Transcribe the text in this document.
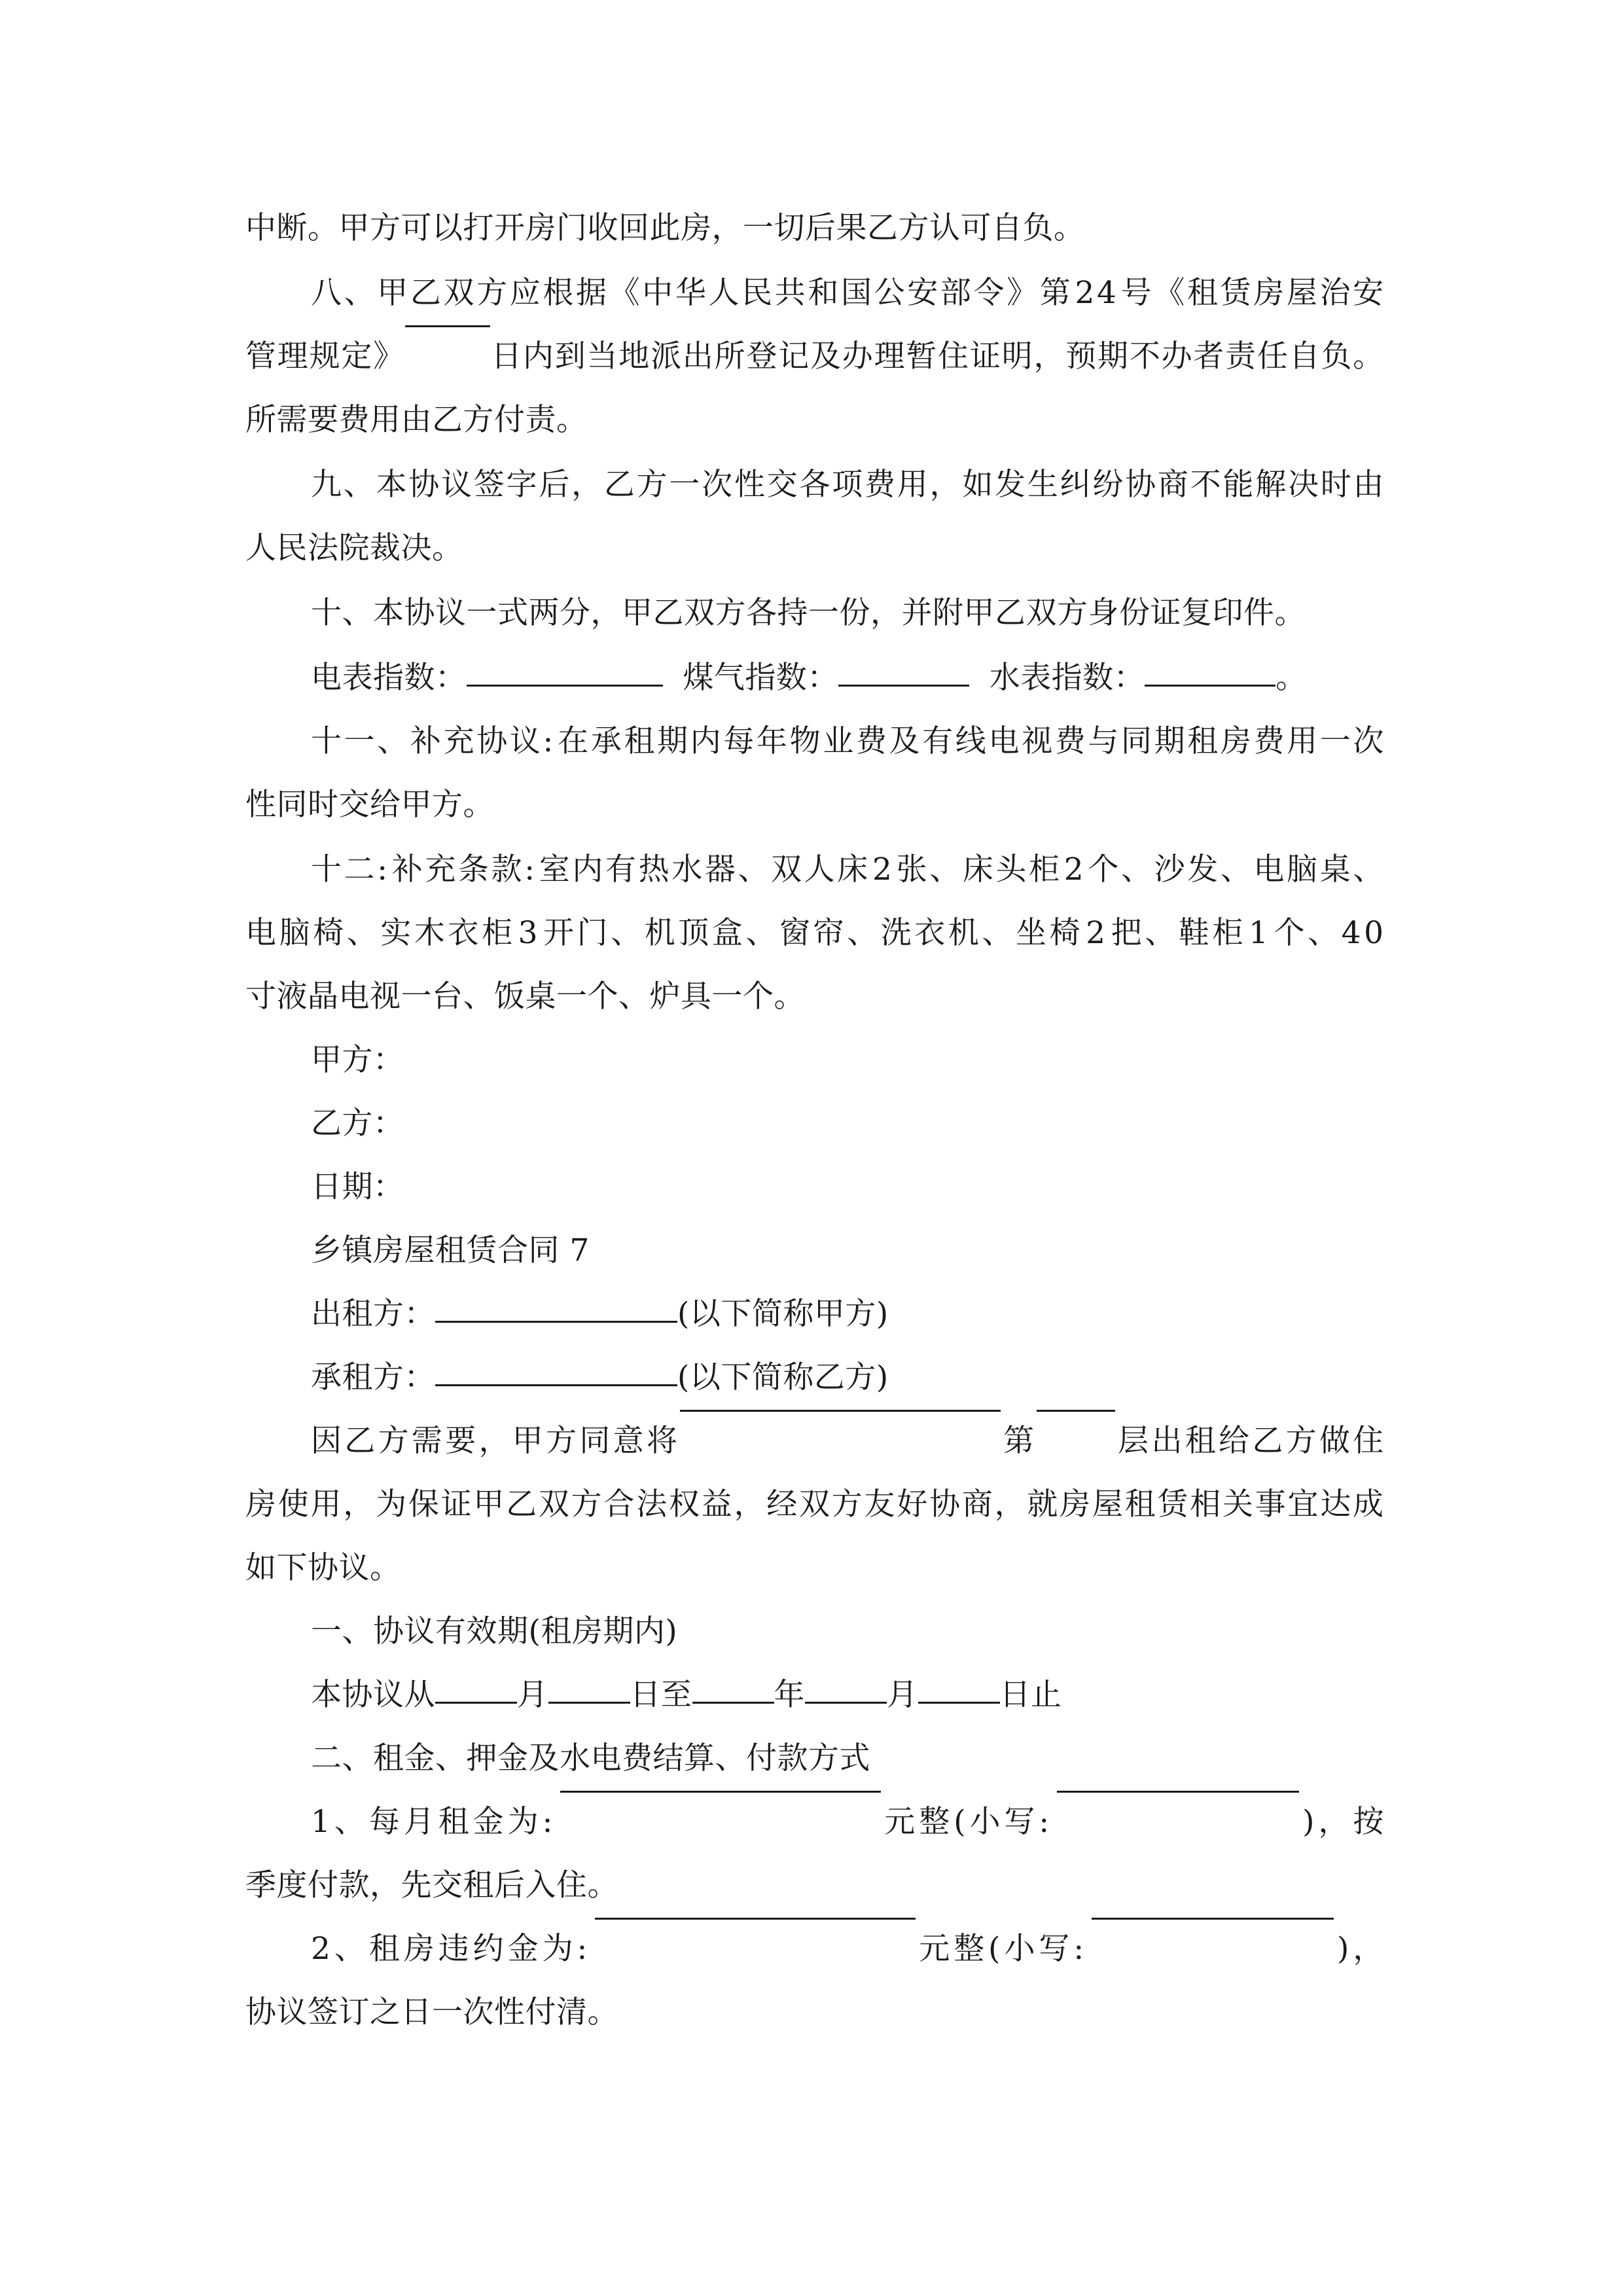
中断。甲方可以打开房门收回此房，一切后果乙方认可自负。
八 、 甲 乙 双 方 应 根 据 《 中 华 人 民 共 和 国 公 安 部 令 》 第 2 4 号 《 租 赁 房 屋 治 安
管 理 规 定 》	日 内 到 当 地 派 出 所 登 记 及 办 理 暂 住 证 明 ， 预 期 不 办 者 责 任 自 负 。
所需要费用由乙方付责。
九 、 本 协 议 签 字 后 ， 乙 方 一 次 性 交 各 项 费 用 ， 如 发 生 纠 纷 协 商 不 能 解 决 时 由
人民法院裁决。
十、本协议一式两分，甲乙双方各持一份，并附甲乙双方身份证复印件。
电表指数：	煤气指数：	水表指数：	。
十 一 、 补 充 协 议 : 在 承 租 期 内 每 年 物 业 费 及 有 线 电 视 费 与 同 期 租 房 费 用 一 次
性同时交给甲方。
十 二 : 补 充 条 款 : 室 内 有 热 水 器 、 双 人 床 2 张 、 床 头 柜 2 个 、 沙 发 、 电 脑 桌 、
电 脑 椅 、 实 木 衣 柜 3 开 门 、 机 顶 盒 、 窗 帘 、 洗 衣 机 、 坐 椅 2 把 、 鞋 柜 1 个 、 4 0
寸液晶电视一台、饭桌一个、炉具一个。
甲方：
乙方：
日期：
乡镇房屋租赁合同 7
出租方：	(以下简称甲方)
承租方：	(以下简称乙方)
因 乙 方 需 要 ， 甲 方 同 意 将	第	层 出 租 给 乙 方 做 住
房 使 用 ， 为 保 证 甲 乙 双 方 合 法 权 益 ， 经 双 方 友 好 协 商 ， 就 房 屋 租 赁 相 关 事 宜 达 成
如下协议。
一、协议有效期(租房期内)
本协议从	月	日至	年	月	日止
二、租金、押金及水电费结算、付款方式
1 、 每 月 租 金 为 :	元 整 ( 小 写 :	) ， 按
季度付款，先交租后入住。
2 、 租 房 违 约 金 为 :	元 整 ( 小 写 :	) ，
协议签订之日一次性付清。
